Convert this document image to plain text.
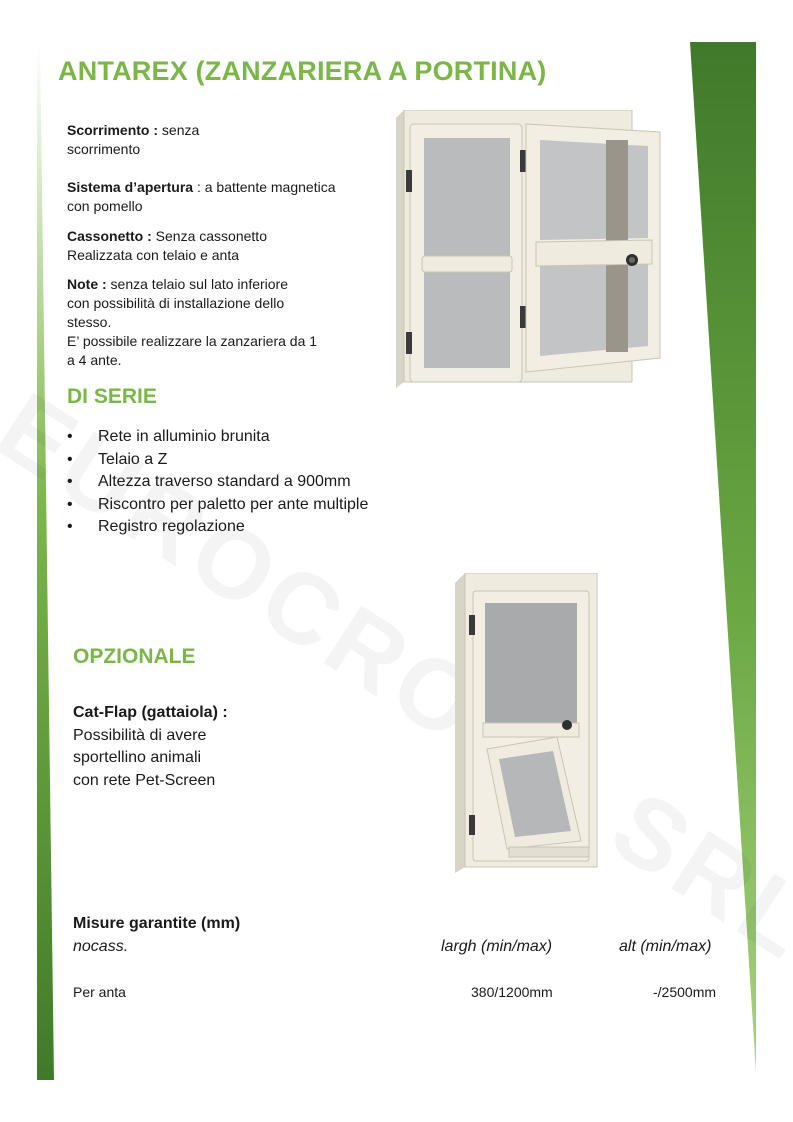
ANTAREX (ZANZARIERA A PORTINA)
Scorrimento : senza
scorrimento
Sistema d’apertura : a battente magnetica
con pomello
Cassonetto : Senza cassonetto
Realizzata con telaio e anta
Note : senza telaio sul lato inferiore
con possibilità di installazione dello
stesso.
E’ possibile realizzare la zanzariera da 1
a 4 ante.
DI SERIE
• Rete in alluminio brunita
• Telaio a Z
• Altezza traverso standard a 900mm
• Riscontro per paletto per ante multiple
• Registro regolazione
OPZIONALE
Cat-Flap (gattaiola) :
Possibilità di avere
sportellino animali
con rete Pet-Screen
Misure garantite (mm)
nocass.	largh (min/max)	alt (min/max)
Per anta	380/1200mm	-/2500mm
